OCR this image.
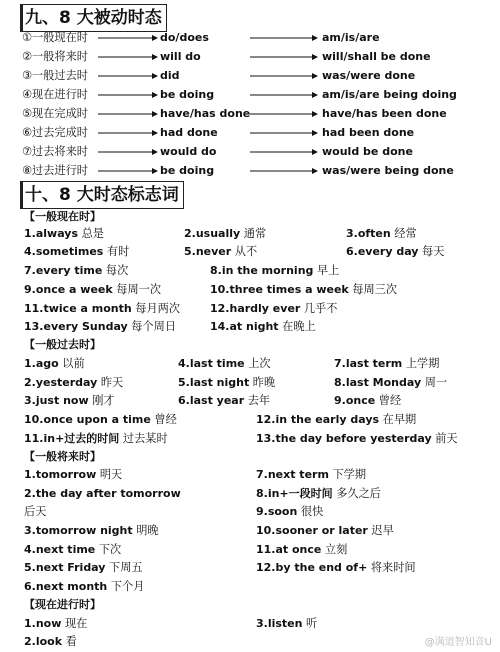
九、8 大被动时态
①一般现在时	do/does	am/is/are
②一般将来时	will do	will/shall be done
③一般过去时	did	was/were done
④现在进行时	be doing	am/is/are being doing
⑤现在完成时	have/has done	have/has been done
⑥过去完成时	had done	had been done
⑦过去将来时	would do	would be done
⑧过去进行时	be doing	was/were being done
十、8 大时态标志词
【一般现在时】
1.always 总是	2.usually 通常	3.often 经常
4.sometimes 有时	5.never 从不	6.every day 每天
7.every time 每次	8.in the morning 早上
9.once a week 每周一次	10.three times a week 每周三次
11.twice a month 每月两次	12.hardly ever 几乎不
13.every Sunday 每个周日	14.at night 在晚上
【一般过去时】
1.ago 以前	4.last time 上次	7.last term 上学期
2.yesterday 昨天	5.last night 昨晚	8.last Monday 周一
3.just now 刚才	6.last year 去年	9.once 曾经
10.once upon a time 曾经	12.in the early days 在早期
11.in+过去的时间 过去某时	13.the day before yesterday 前天
【一般将来时】
1.tomorrow 明天	7.next term 下学期
2.the day after tomorrow	8.in+一段时间 多久之后
后天	9.soon 很快
3.tomorrow night 明晚	10.sooner or later 迟早
4.next time 下次	11.at once 立刻
5.next Friday 下周五	12.by the end of+ 将来时间
6.next month 下个月
【现在进行时】
1.now 现在	3.listen 听
2.look 看	@满道智知音U
